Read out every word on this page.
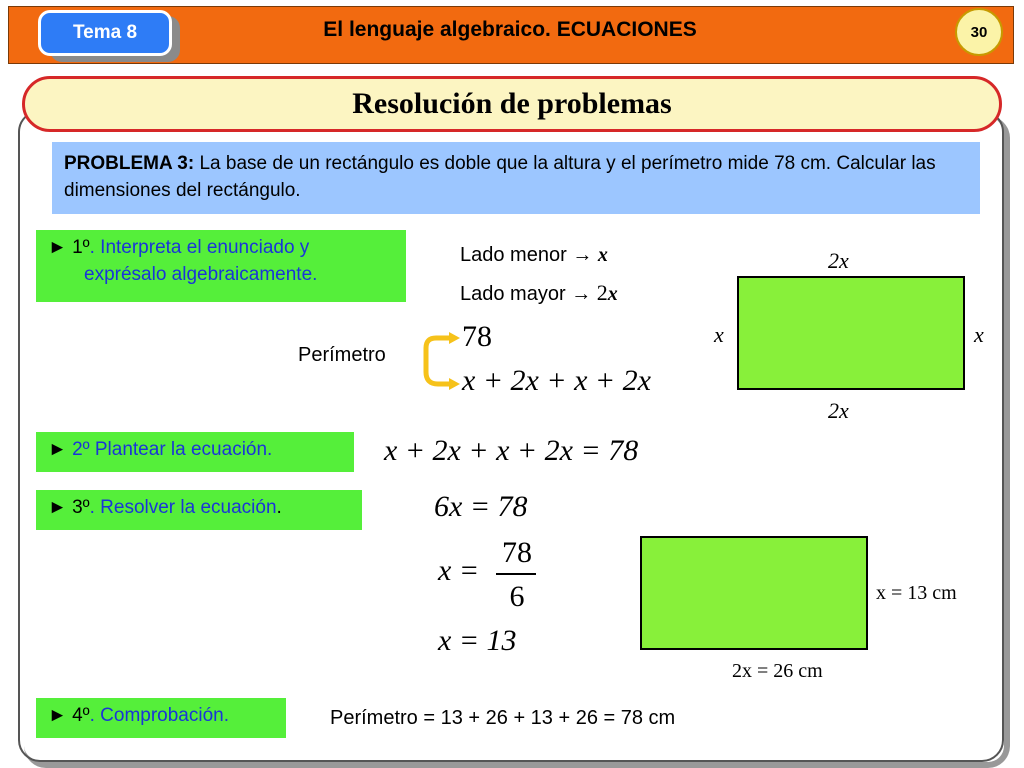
Tema 8	El lenguaje algebraico. ECUACIONES	30
Resolución de problemas
PROBLEMA 3: La base de un rectángulo es doble que la altura y el perímetro mide 78 cm. Calcular las dimensiones del rectángulo.
► 1º. Interpreta el enunciado y
exprésalo algebraicamente.
Lado menor → x
Lado mayor → 2x
Perímetro
78
x + 2x + x + 2x
2x
2x
x	x
► 2º Plantear la ecuación.	x + 2x + x + 2x = 78
► 3º. Resolver la ecuación.	6x = 78
x =
78
6
x = 13
x = 13 cm
2x = 26 cm
► 4º. Comprobación.	Perímetro = 13 + 26 + 13 + 26 = 78 cm
